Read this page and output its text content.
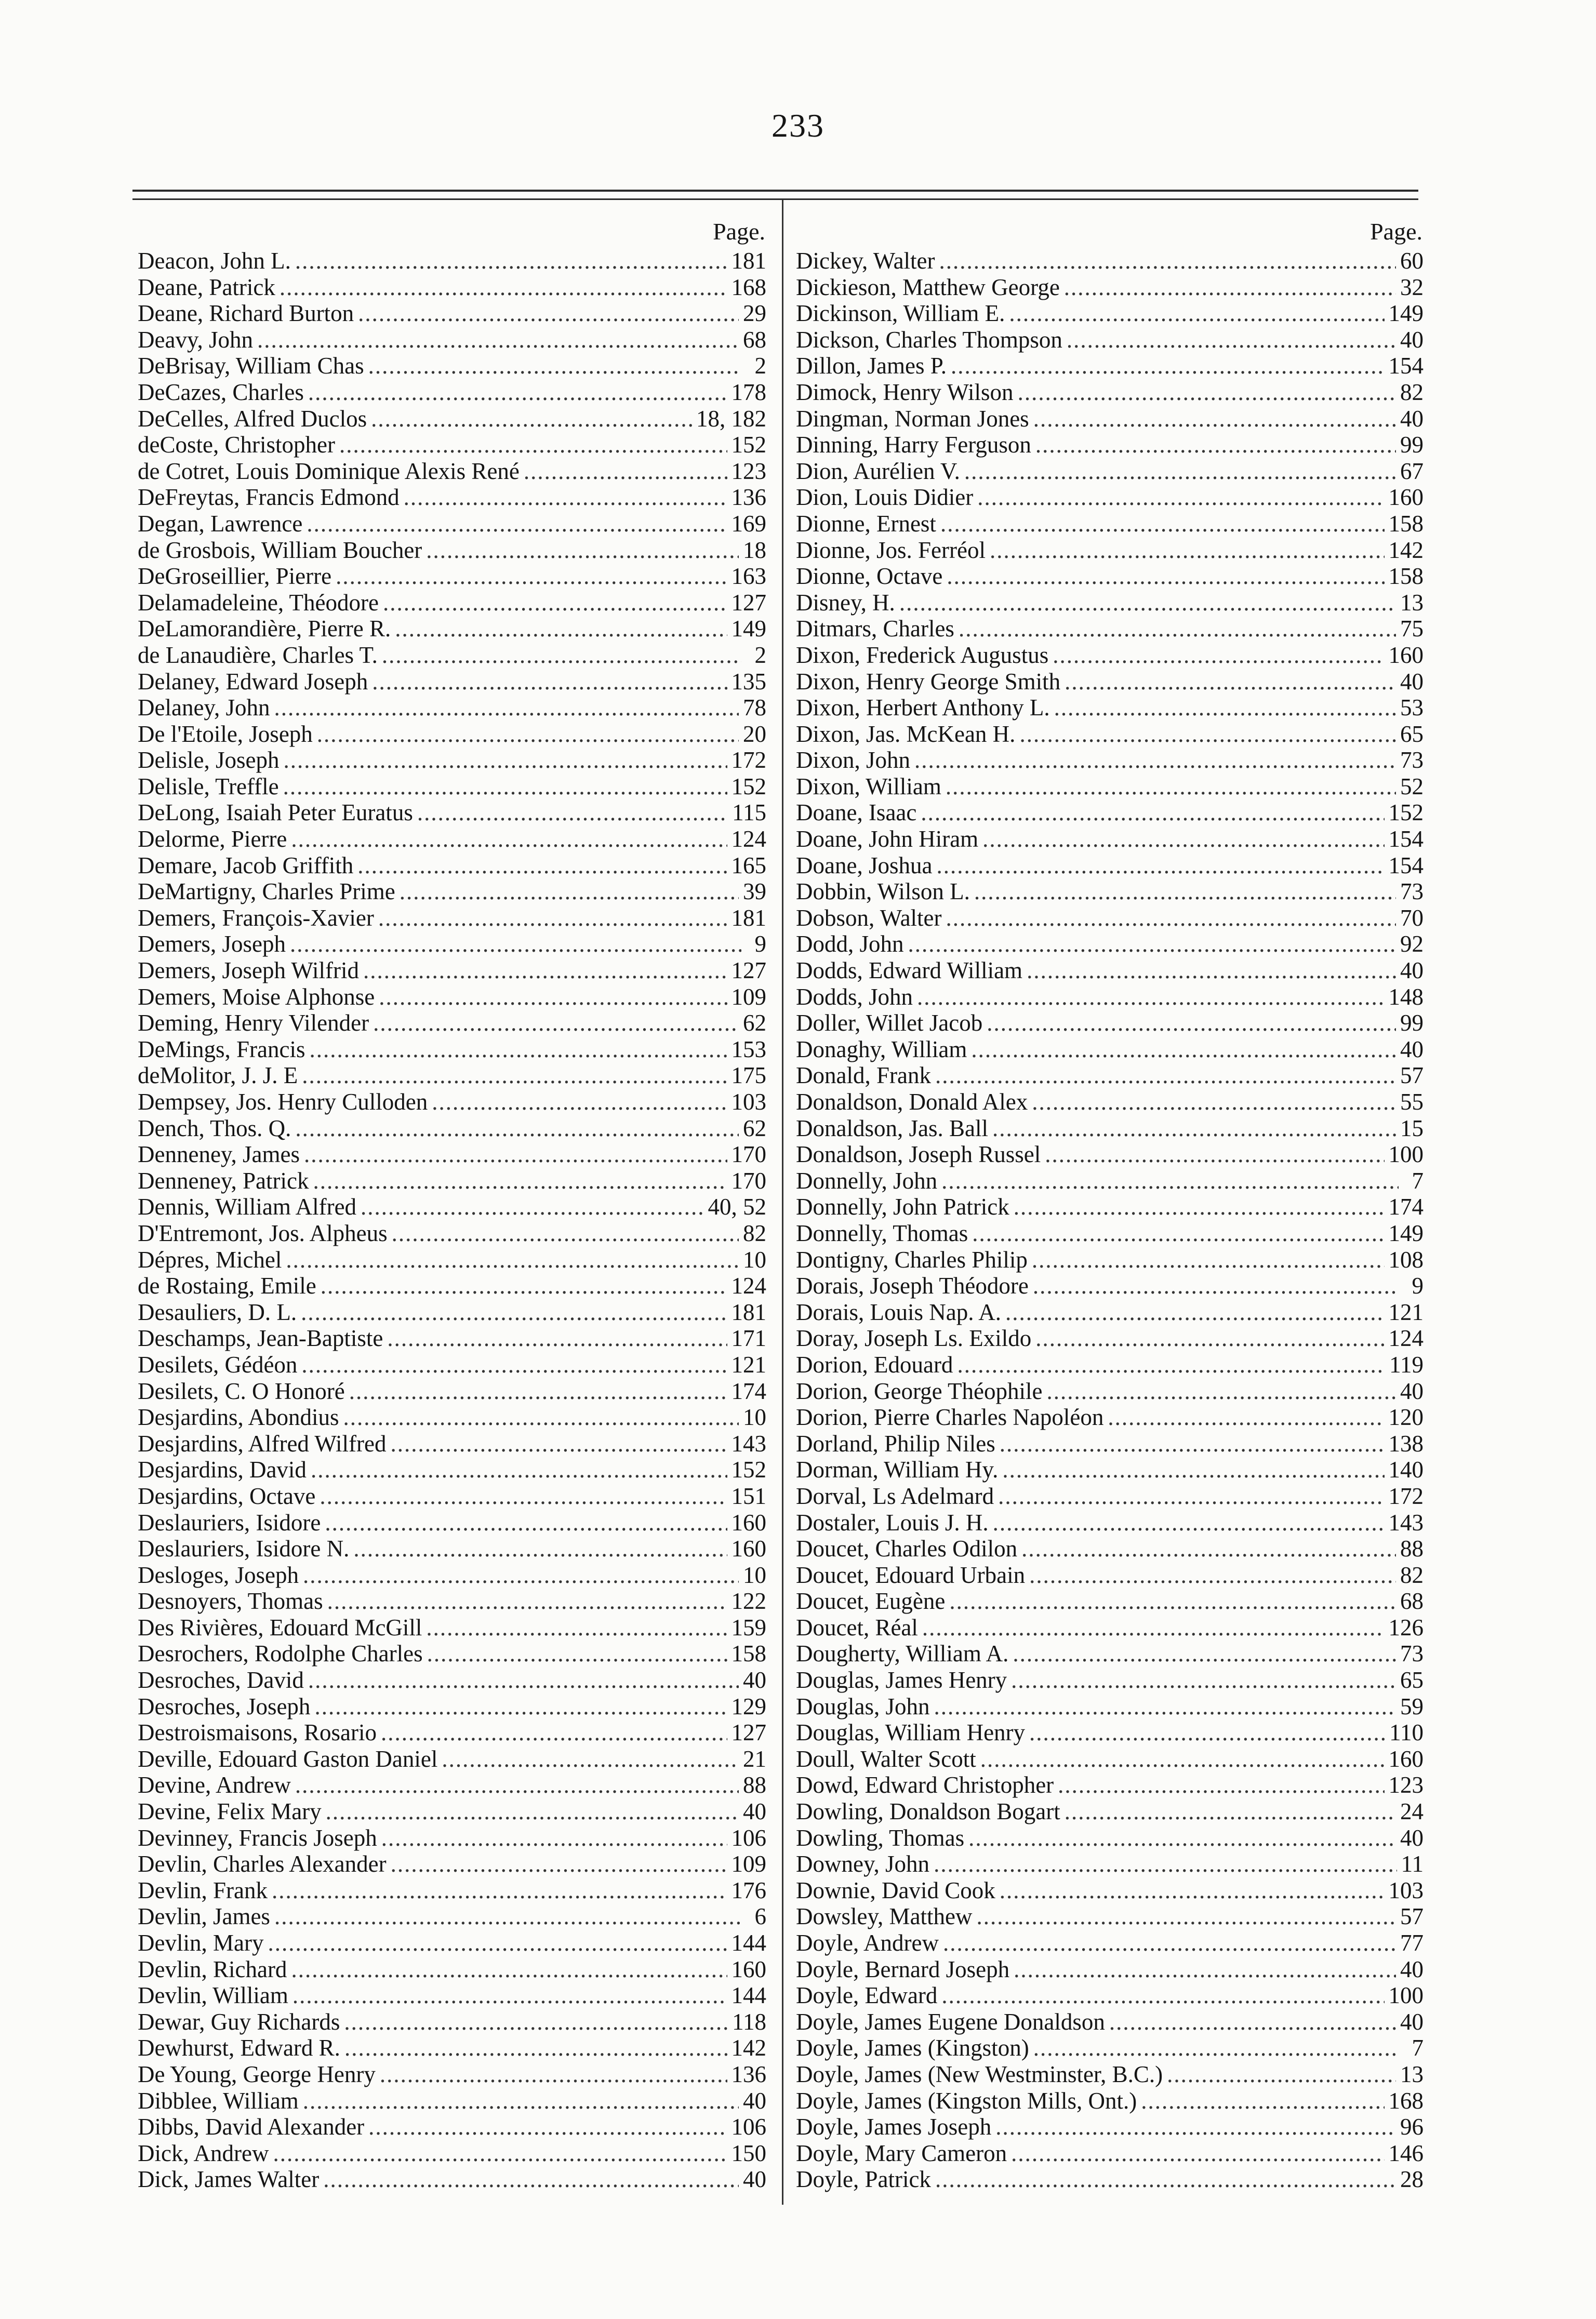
233
Page.
Deacon, John L. .....	181
Deane, Patrick .....	168
Deane, Richard Burton .....	29
Deavy, John .....	68
DeBrisay, William Chas .....	2
DeCazes, Charles .....	178
DeCelles, Alfred Duclos .....	18, 182
deCoste, Christopher .....	152
de Cotret, Louis Dominique Alexis René .....	123
DeFreytas, Francis Edmond .....	136
Degan, Lawrence .....	169
de Grosbois, William Boucher .....	18
DeGroseillier, Pierre .....	163
Delamadeleine, Théodore .....	127
DeLamorandière, Pierre R. .....	149
de Lanaudière, Charles T. .....	2
Delaney, Edward Joseph .....	135
Delaney, John .....	78
De l'Etoile, Joseph .....	20
Delisle, Joseph .....	172
Delisle, Treffle .....	152
DeLong, Isaiah Peter Euratus .....	115
Delorme, Pierre .....	124
Demare, Jacob Griffith .....	165
DeMartigny, Charles Prime .....	39
Demers, François-Xavier .....	181
Demers, Joseph .....	9
Demers, Joseph Wilfrid .....	127
Demers, Moise Alphonse .....	109
Deming, Henry Vilender .....	62
DeMings, Francis .....	153
deMolitor, J. J. E .....	175
Dempsey, Jos. Henry Culloden .....	103
Dench, Thos. Q. .....	62
Denneney, James .....	170
Denneney, Patrick .....	170
Dennis, William Alfred .....	40, 52
D'Entremont, Jos. Alpheus .....	82
Dépres, Michel .....	10
de Rostaing, Emile .....	124
Desauliers, D. L. .....	181
Deschamps, Jean-Baptiste .....	171
Desilets, Gédéon .....	121
Desilets, C. O Honoré .....	174
Desjardins, Abondius .....	10
Desjardins, Alfred Wilfred .....	143
Desjardins, David .....	152
Desjardins, Octave .....	151
Deslauriers, Isidore .....	160
Deslauriers, Isidore N. .....	160
Desloges, Joseph .....	10
Desnoyers, Thomas .....	122
Des Rivières, Edouard McGill .....	159
Desrochers, Rodolphe Charles .....	158
Desroches, David .....	40
Desroches, Joseph .....	129
Destroismaisons, Rosario .....	127
Deville, Edouard Gaston Daniel .....	21
Devine, Andrew .....	88
Devine, Felix Mary .....	40
Devinney, Francis Joseph .....	106
Devlin, Charles Alexander .....	109
Devlin, Frank .....	176
Devlin, James .....	6
Devlin, Mary .....	144
Devlin, Richard .....	160
Devlin, William .....	144
Dewar, Guy Richards .....	118
Dewhurst, Edward R. .....	142
De Young, George Henry .....	136
Dibblee, William .....	40
Dibbs, David Alexander .....	106
Dick, Andrew .....	150
Dick, James Walter .....	40
Page.
Dickey, Walter .....	60
Dickieson, Matthew George .....	32
Dickinson, William E. .....	149
Dickson, Charles Thompson .....	40
Dillon, James P. .....	154
Dimock, Henry Wilson .....	82
Dingman, Norman Jones .....	40
Dinning, Harry Ferguson .....	99
Dion, Aurélien V. .....	67
Dion, Louis Didier .....	160
Dionne, Ernest .....	158
Dionne, Jos. Ferréol .....	142
Dionne, Octave .....	158
Disney, H. .....	13
Ditmars, Charles .....	75
Dixon, Frederick Augustus .....	160
Dixon, Henry George Smith .....	40
Dixon, Herbert Anthony L. .....	53
Dixon, Jas. McKean H. .....	65
Dixon, John .....	73
Dixon, William .....	52
Doane, Isaac .....	152
Doane, John Hiram .....	154
Doane, Joshua .....	154
Dobbin, Wilson L. .....	73
Dobson, Walter .....	70
Dodd, John .....	92
Dodds, Edward William .....	40
Dodds, John .....	148
Doller, Willet Jacob .....	99
Donaghy, William .....	40
Donald, Frank .....	57
Donaldson, Donald Alex .....	55
Donaldson, Jas. Ball .....	15
Donaldson, Joseph Russel .....	100
Donnelly, John .....	7
Donnelly, John Patrick .....	174
Donnelly, Thomas .....	149
Dontigny, Charles Philip .....	108
Dorais, Joseph Théodore .....	9
Dorais, Louis Nap. A. .....	121
Doray, Joseph Ls. Exildo .....	124
Dorion, Edouard .....	119
Dorion, George Théophile .....	40
Dorion, Pierre Charles Napoléon .....	120
Dorland, Philip Niles .....	138
Dorman, William Hy. .....	140
Dorval, Ls Adelmard .....	172
Dostaler, Louis J. H. .....	143
Doucet, Charles Odilon .....	88
Doucet, Edouard Urbain .....	82
Doucet, Eugène .....	68
Doucet, Réal .....	126
Dougherty, William A. .....	73
Douglas, James Henry .....	65
Douglas, John .....	59
Douglas, William Henry .....	110
Doull, Walter Scott .....	160
Dowd, Edward Christopher .....	123
Dowling, Donaldson Bogart .....	24
Dowling, Thomas .....	40
Downey, John .....	11
Downie, David Cook .....	103
Dowsley, Matthew .....	57
Doyle, Andrew .....	77
Doyle, Bernard Joseph .....	40
Doyle, Edward .....	100
Doyle, James Eugene Donaldson .....	40
Doyle, James (Kingston) .....	7
Doyle, James (New Westminster, B.C.) .....	13
Doyle, James (Kingston Mills, Ont.) .....	168
Doyle, James Joseph .....	96
Doyle, Mary Cameron .....	146
Doyle, Patrick .....	28
